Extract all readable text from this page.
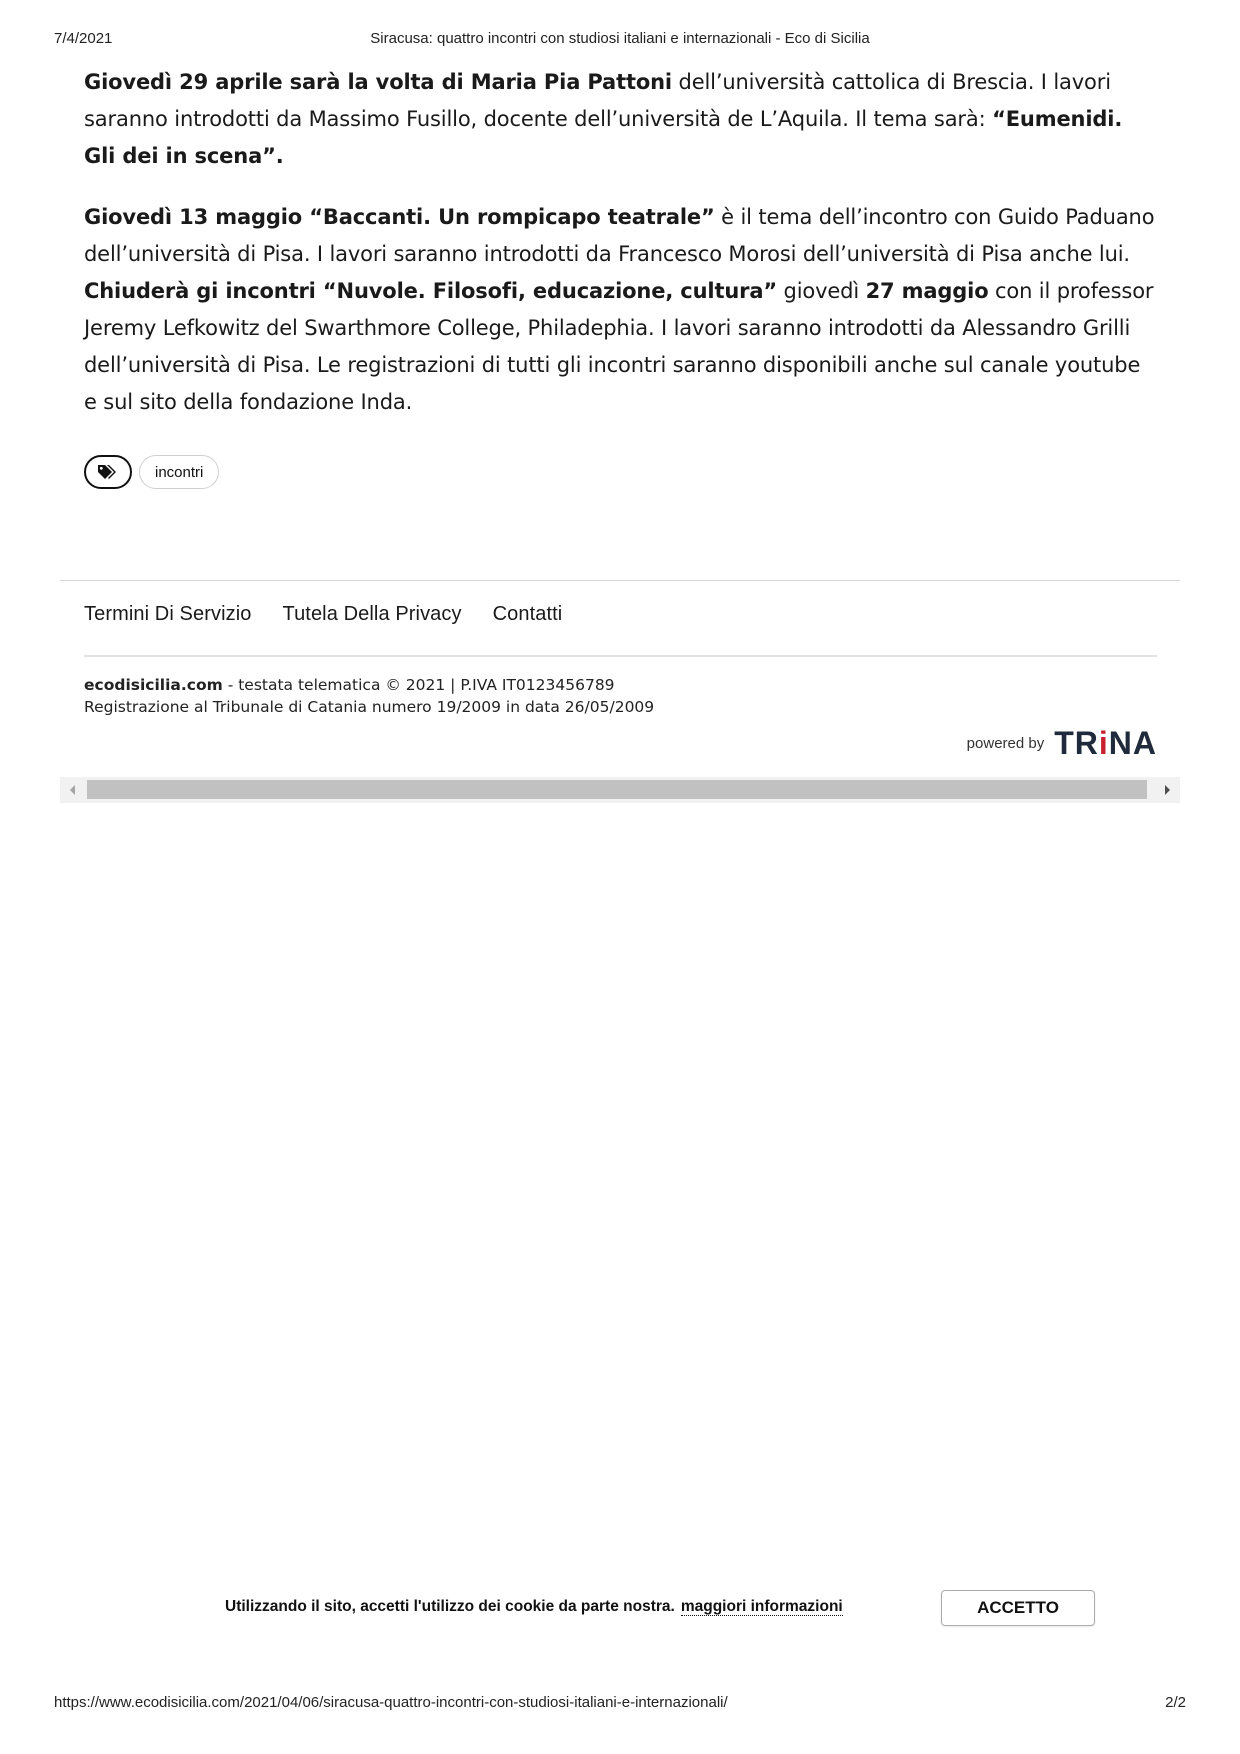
7/4/2021	Siracusa: quattro incontri con studiosi italiani e internazionali - Eco di Sicilia

Giovedì 29 aprile sarà la volta di Maria Pia Pattoni dell’università cattolica di Brescia. I lavori saranno introdotti da Massimo Fusillo, docente dell’università de L’Aquila. Il tema sarà: “Eumenidi. Gli dei in scena”.

Giovedì 13 maggio “Baccanti. Un rompicapo teatrale” è il tema dell’incontro con Guido Paduano dell’università di Pisa. I lavori saranno introdotti da Francesco Morosi dell’università di Pisa anche lui. Chiuderà gi incontri “Nuvole. Filosofi, educazione, cultura” giovedì 27 maggio con il professor Jeremy Lefkowitz del Swarthmore College, Philadephia. I lavori saranno introdotti da Alessandro Grilli dell’università di Pisa. Le registrazioni di tutti gli incontri saranno disponibili anche sul canale youtube e sul sito della fondazione Inda.

incontri
Termini Di Servizio Tutela Della Privacy Contatti
ecodisicilia.com - testata telematica © 2021 | P.IVA IT0123456789
Registrazione al Tribunale di Catania numero 19/2009 in data 26/05/2009
powered by TR i NA
Utilizzando il sito, accetti l'utilizzo dei cookie da parte nostra. maggiori informazioni	ACCETTO
https://www.ecodisicilia.com/2021/04/06/siracusa-quattro-incontri-con-studiosi-italiani-e-internazionali/	2/2
